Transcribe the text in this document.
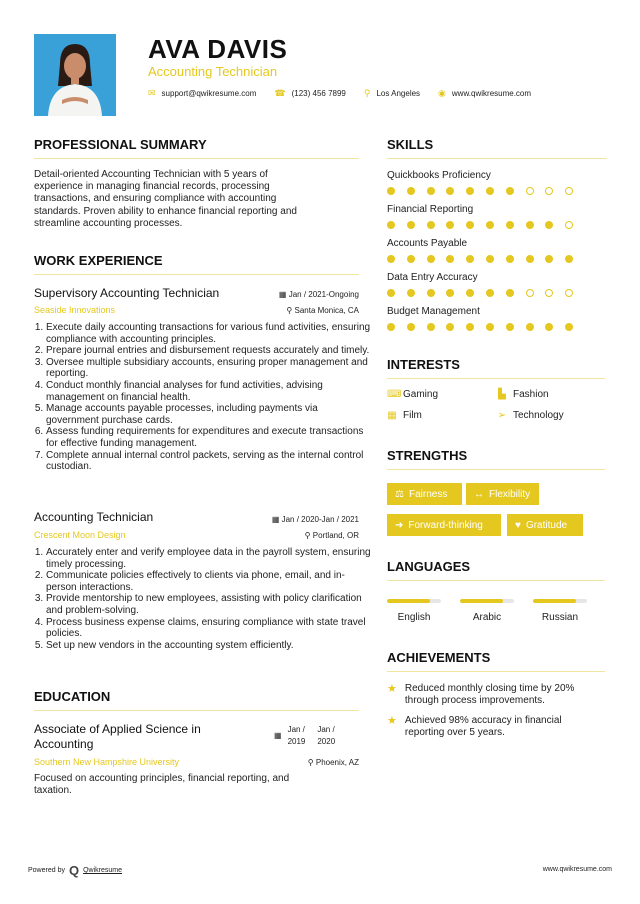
AVA DAVIS
Accounting Technician
✉ support@qwikresume.com ☎ (123) 456 7899 ⚲ Los Angeles ◉ www.qwikresume.com
PROFESSIONAL SUMMARY
Detail-oriented Accounting Technician with 5 years of
experience in managing financial records, processing
transactions, and ensuring compliance with accounting
standards. Proven ability to enhance financial reporting and
streamline accounting processes.
WORK EXPERIENCE
Supervisory Accounting Technician	▦ Jan / 2021-Ongoing
Seaside Innovations	⚲ Santa Monica, CA
1. Execute daily accounting transactions for various fund activities, ensuring compliance with accounting principles.
2. Prepare journal entries and disbursement requests accurately and timely.
3. Oversee multiple subsidiary accounts, ensuring proper management and reporting.
4. Conduct monthly financial analyses for fund activities, advising management on financial health.
5. Manage accounts payable processes, including payments via government purchase cards.
6. Assess funding requirements for expenditures and execute transactions for effective funding management.
7. Complete annual internal control packets, serving as the internal control custodian.
Accounting Technician	▦ Jan / 2020-Jan / 2021
Crescent Moon Design	⚲ Portland, OR
1. Accurately enter and verify employee data in the payroll system, ensuring timely processing.
2. Communicate policies effectively to clients via phone, email, and in-person interactions.
3. Provide mentorship to new employees, assisting with policy clarification and problem-solving.
4. Process business expense claims, ensuring compliance with state travel policies.
5. Set up new vendors in the accounting system efficiently.
EDUCATION
Associate of Applied Science in
Accounting
▦
Jan /
2019
Jan /
2020
Southern New Hampshire University	⚲ Phoenix, AZ
Focused on accounting principles, financial reporting, and
taxation.
SKILLS
Quickbooks Proficiency
Financial Reporting
Accounts Payable
Data Entry Accuracy
Budget Management
INTERESTS
⌨ Gaming	▙ Fashion
▦ Film	➢ Technology
STRENGTHS
⚖ Fairness	↔ Flexibility
➜ Forward-thinking	♥ Gratitude
LANGUAGES
English	Arabic	Russian
ACHIEVEMENTS
★ Reduced monthly closing time by 20%
through process improvements.
★ Achieved 98% accuracy in financial
reporting over 5 years.
Powered by Q Qwikresume	www.qwikresume.com
